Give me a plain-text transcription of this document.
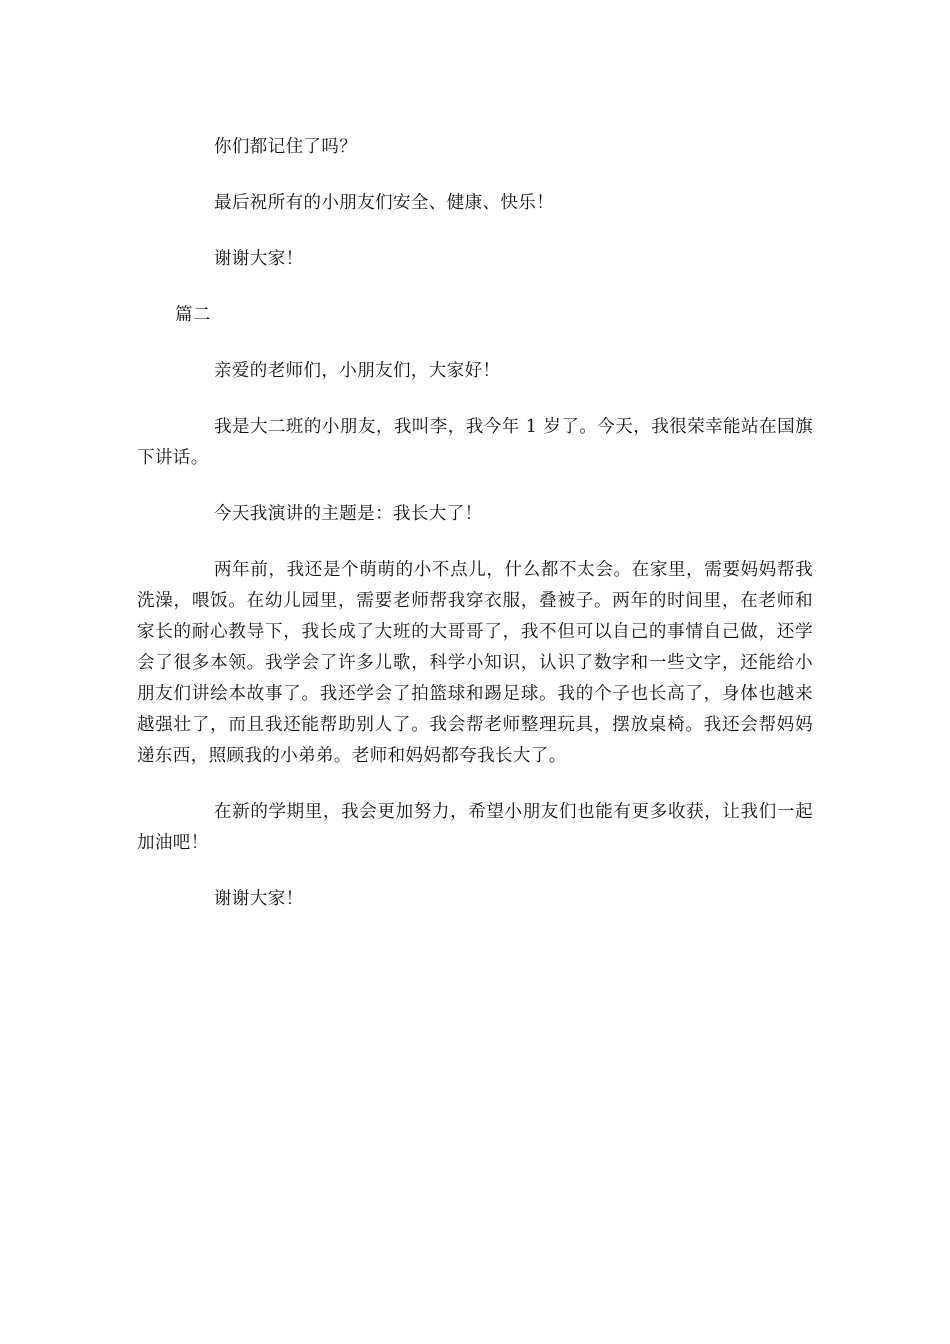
你们都记住了吗？

最后祝所有的小朋友们安全、健康、快乐！

谢谢大家！

篇二

亲爱的老师们，小朋友们，大家好！

我是大二班的小朋友，我叫李，我今年 1 岁了。今天，我很荣幸能站在国旗下讲话。

今天我演讲的主题是：我长大了！

两年前，我还是个萌萌的小不点儿，什么都不太会。在家里，需要妈妈帮我洗澡，喂饭。在幼儿园里，需要老师帮我穿衣服，叠被子。两年的时间里，在老师和家长的耐心教导下，我长成了大班的大哥哥了，我不但可以自己的事情自己做，还学会了很多本领。我学会了许多儿歌，科学小知识，认识了数字和一些文字，还能给小朋友们讲绘本故事了。我还学会了拍篮球和踢足球。我的个子也长高了，身体也越来越强壮了，而且我还能帮助别人了。我会帮老师整理玩具，摆放桌椅。我还会帮妈妈递东西，照顾我的小弟弟。老师和妈妈都夸我长大了。

在新的学期里，我会更加努力，希望小朋友们也能有更多收获，让我们一起加油吧！

谢谢大家！
